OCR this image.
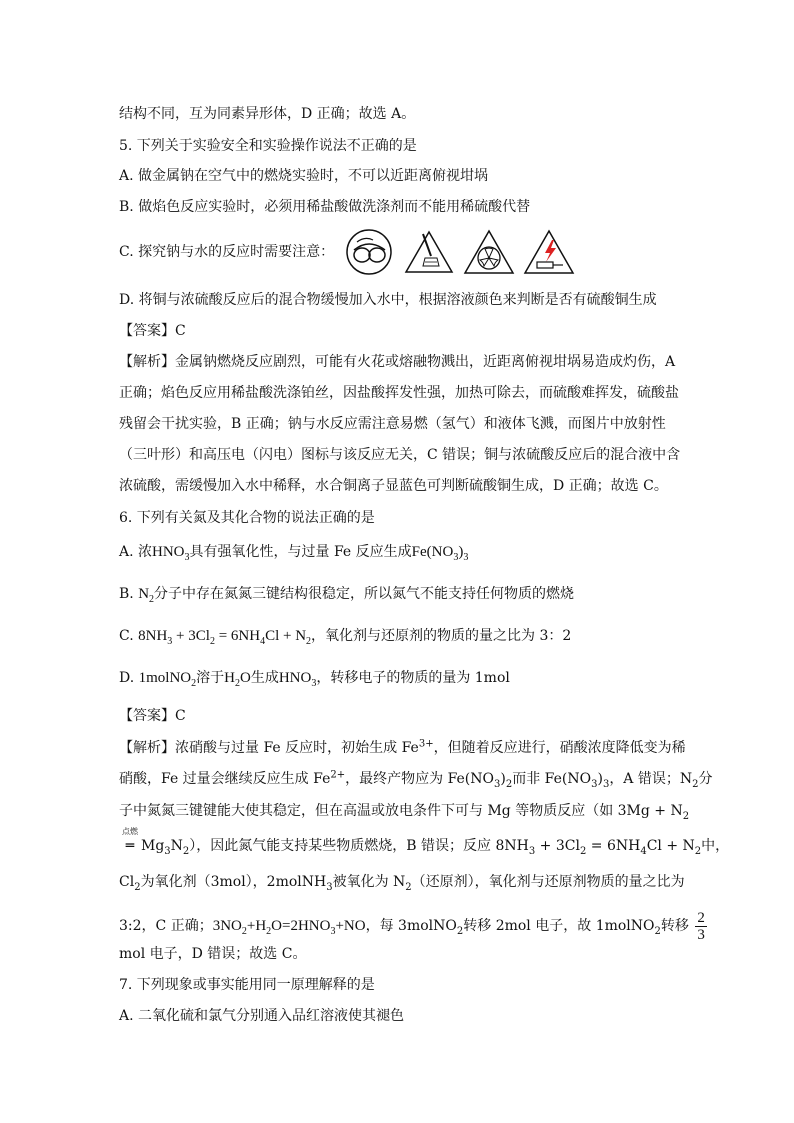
结构不同，互为同素异形体，D 正确；故选 A。
5. 下列关于实验安全和实验操作说法不正确的是
A. 做金属钠在空气中的燃烧实验时，不可以近距离俯视坩埚
B. 做焰色反应实验时，必须用稀盐酸做洗涤剂而不能用稀硫酸代替
C. 探究钠与水的反应时需要注意：
D. 将铜与浓硫酸反应后的混合物缓慢加入水中，根据溶液颜色来判断是否有硫酸铜生成
【答案】C
【解析】金属钠燃烧反应剧烈，可能有火花或熔融物溅出，近距离俯视坩埚易造成灼伤，A
正确；焰色反应用稀盐酸洗涤铂丝，因盐酸挥发性强，加热可除去，而硫酸难挥发，硫酸盐
残留会干扰实验，B 正确；钠与水反应需注意易燃（氢气）和液体飞溅，而图片中放射性
（三叶形）和高压电（闪电）图标与该反应无关，C 错误；铜与浓硫酸反应后的混合液中含
浓硫酸，需缓慢加入水中稀释，水合铜离子显蓝色可判断硫酸铜生成，D 正确；故选 C。
6. 下列有关氮及其化合物的说法正确的是
A. 浓$HNO_3$具有强氧化性，与过量 Fe 反应生成$Fe(NO_3)_3$
B. $N_2$分子中存在氮氮三键结构很稳定，所以氮气不能支持任何物质的燃烧
C. $8NH_3 + 3Cl_2 = 6NH_4Cl + N_2$，氧化剂与还原剂的物质的量之比为 3：2
D. 1molNO$_2$溶于$H_2O$生成$HNO_3$，转移电子的物质的量为 1mol
【答案】C
【解析】浓硝酸与过量 Fe 反应时，初始生成 $Fe^{3+}$，但随着反应进行，硝酸浓度降低变为稀
硝酸，Fe 过量会继续反应生成 $Fe^{2+}$，最终产物应为 $Fe(NO_3)_2$而非 $Fe(NO_3)_3$，A 错误；$N_2$分
子中氮氮三键键能大使其稳定，但在高温或放电条件下可与 Mg 等物质反应（如 $3Mg + N_2$
点燃
═ $Mg_3N_2$），因此氮气能支持某些物质燃烧，B 错误；反应 $8NH_3 + 3Cl_2 = 6NH_4Cl + N_2$中，
$Cl_2$为氧化剂（3mol），2molNH$_3$被氧化为 $N_2$（还原剂），氧化剂与还原剂物质的量之比为
3:2，C 正确；$3NO_2+H_2O=2HNO_3+NO$，每 3molNO$_2$转移 2mol 电子，故 1molNO$_2$转移 $\frac{2}{3}$
mol 电子，D 错误；故选 C。
7. 下列现象或事实能用同一原理解释的是
A. 二氧化硫和氯气分别通入品红溶液使其褪色
